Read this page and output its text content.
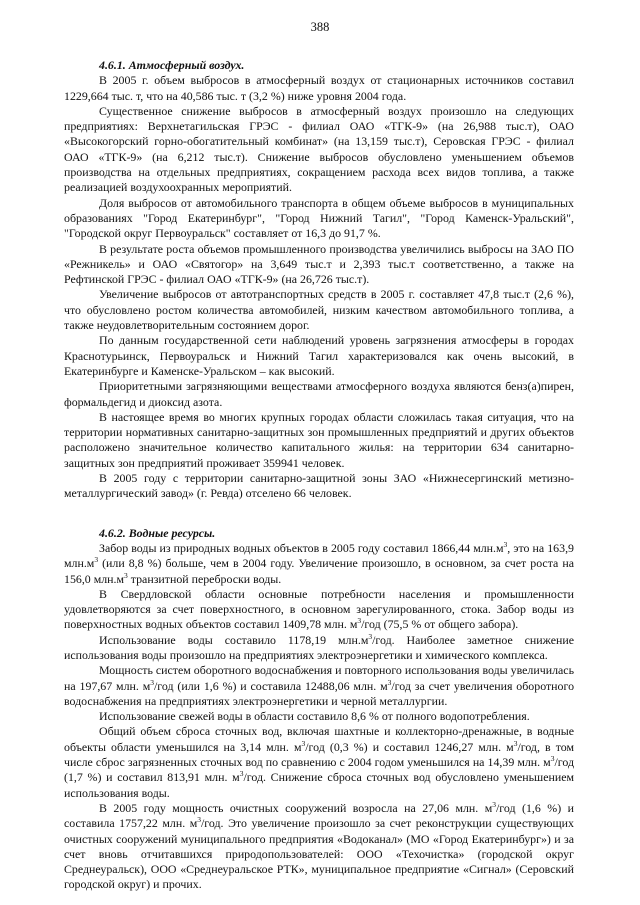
388

4.6.1. Атмосферный воздух.

В 2005 г. объем выбросов в атмосферный воздух от стационарных источников составил 1229,664 тыс. т, что на 40,586 тыс. т (3,2 %) ниже уровня 2004 года.

Существенное снижение выбросов в атмосферный воздух произошло на следующих предприятиях: Верхнетагильская ГРЭС - филиал ОАО «ТГК-9» (на 26,988 тыс.т), ОАО «Высокогорский горно-обогатительный комбинат» (на 13,159 тыс.т), Серовская ГРЭС - филиал ОАО «ТГК-9» (на 6,212 тыс.т). Снижение выбросов обусловлено уменьшением объемов производства на отдельных предприятиях, сокращением расхода всех видов топлива, а также реализацией воздухоохранных мероприятий.

Доля выбросов от автомобильного транспорта в общем объеме выбросов в муниципальных образованиях "Город Екатеринбург", "Город Нижний Тагил", "Город Каменск-Уральский", "Городской округ Первоуральск" составляет от 16,3 до 91,7 %.

В результате роста объемов промышленного производства увеличились выбросы на ЗАО ПО «Режникель» и ОАО «Святогор» на 3,649 тыс.т и 2,393 тыс.т соответственно, а также на Рефтинской ГРЭС - филиал ОАО «ТГК-9» (на 26,726 тыс.т).

Увеличение выбросов от автотранспортных средств в 2005 г. составляет 47,8 тыс.т (2,6 %), что обусловлено ростом количества автомобилей, низким качеством автомобильного топлива, а также неудовлетворительным состоянием дорог.

По данным государственной сети наблюдений уровень загрязнения атмосферы в городах Краснотурьинск, Первоуральск и Нижний Тагил характеризовался как очень высокий, в Екатеринбурге и Каменске-Уральском – как высокий.

Приоритетными загрязняющими веществами атмосферного воздуха являются бенз(а)пирен, формальдегид и диоксид азота.

В настоящее время во многих крупных городах области сложилась такая ситуация, что на территории нормативных санитарно-защитных зон промышленных предприятий и других объектов расположено значительное количество капитального жилья: на территории 634 санитарно-защитных зон предприятий проживает 359941 человек.

В 2005 году с территории санитарно-защитной зоны ЗАО «Нижнесергинский метизно-металлургический завод» (г. Ревда) отселено 66 человек.

4.6.2. Водные ресурсы.

Забор воды из природных водных объектов в 2005 году составил 1866,44 $млн.м^3$, это на 163,9 $млн.м^3$ (или 8,8 %) больше, чем в 2004 году. Увеличение произошло, в основном, за счет роста на 156,0 $млн.м^3$ транзитной переброски воды.

В Свердловской области основные потребности населения и промышленности удовлетворяются за счет поверхностного, в основном зарегулированного, стока. Забор воды из поверхностных водных объектов составил 1409,78 млн. $м^3$/год (75,5 % от общего забора).

Использование воды составило 1178,19 $млн.м^3$/год. Наиболее заметное снижение использования воды произошло на предприятиях электроэнергетики и химического комплекса.

Мощность систем оборотного водоснабжения и повторного использования воды увеличилась на 197,67 млн. $м^3$/год (или 1,6 %) и составила 12488,06 млн. $м^3$/год за счет увеличения оборотного водоснабжения на предприятиях электроэнергетики и черной металлургии.

Использование свежей воды в области составило 8,6 % от полного водопотребления.

Общий объем сброса сточных вод, включая шахтные и коллекторно-дренажные, в водные объекты области уменьшился на 3,14 млн. $м^3$/год (0,3 %) и составил 1246,27 млн. $м^3$/год, в том числе сброс загрязненных сточных вод по сравнению с 2004 годом уменьшился на 14,39 млн. $м^3$/год (1,7 %) и составил 813,91 млн. $м^3$/год. Снижение сброса сточных вод обусловлено уменьшением использования воды.

В 2005 году мощность очистных сооружений возросла на 27,06 млн. $м^3$/год (1,6 %) и составила 1757,22 млн. $м^3$/год. Это увеличение произошло за счет реконструкции существующих очистных сооружений муниципального предприятия «Водоканал» (МО «Город Екатеринбург») и за счет вновь отчитавшихся природопользователей: ООО «Техочистка» (городской округ Среднеуральск), ООО «Среднеуральское РТК», муниципальное предприятие «Сигнал» (Серовский городской округ) и прочих.
